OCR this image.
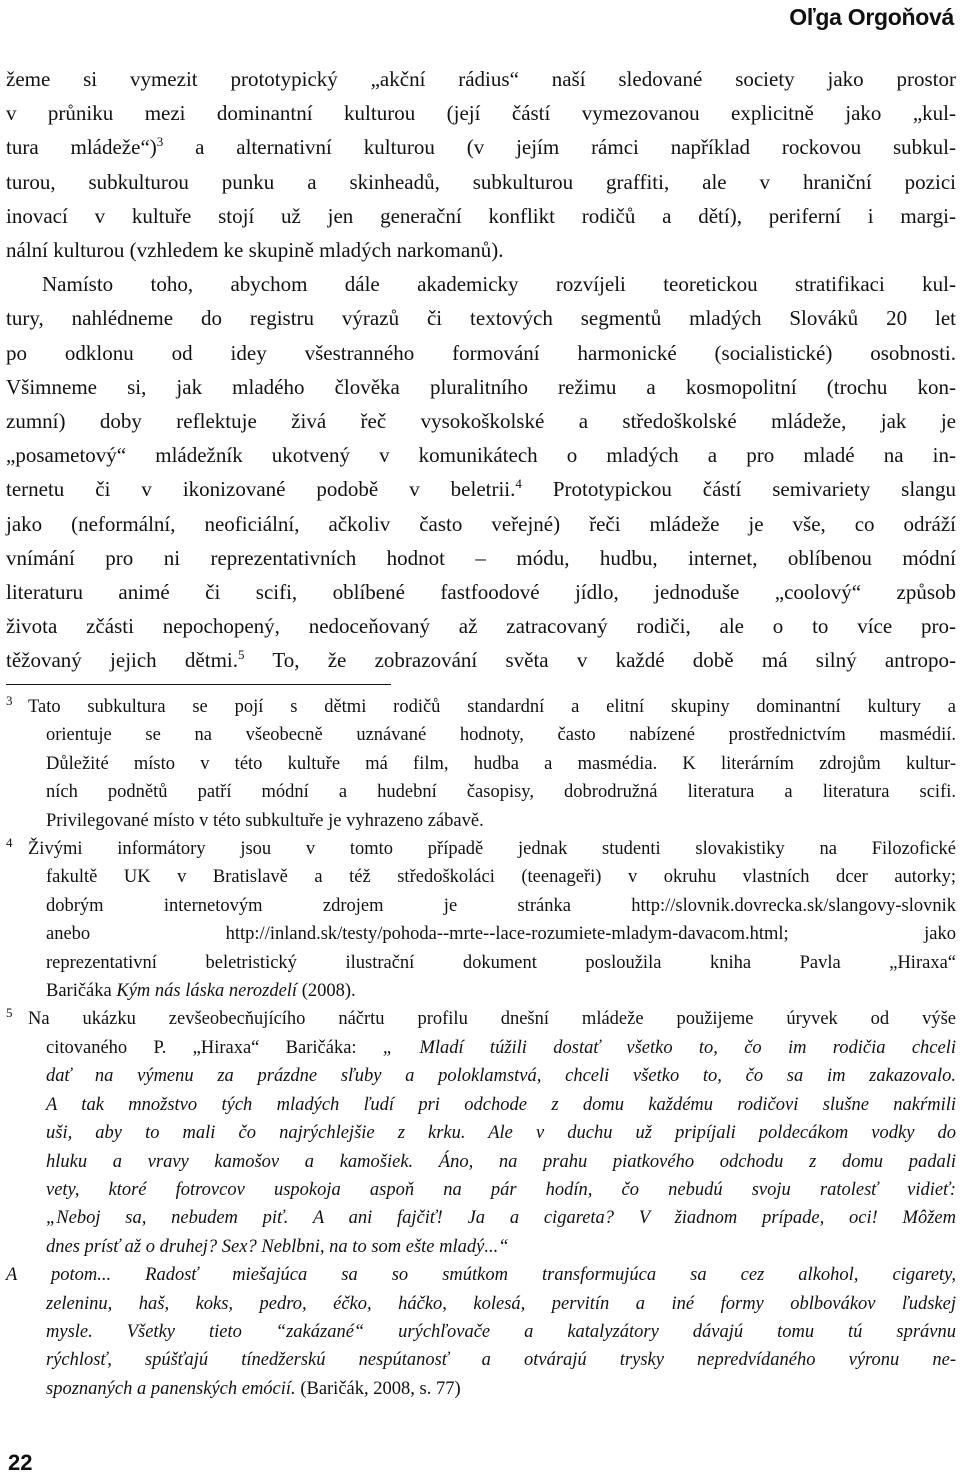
Oľga Orgoňová
žeme si vymezit prototypický „akční rádius“ naší sledované society jako prostor
v průniku mezi dominantní kulturou (její částí vymezovanou explicitně jako „kul-
tura mládeže“)$^3$ a alternativní kulturou (v jejím rámci například rockovou subkul-
turou, subkulturou punku a skinheadů, subkulturou graffiti, ale v hraniční pozici
inovací v kultuře stojí už jen generační konflikt rodičů a dětí), periferní i margi-
nální kulturou (vzhledem ke skupině mladých narkomanů).
Namísto toho, abychom dále akademicky rozvíjeli teoretickou stratifikaci kul-
tury, nahlédneme do registru výrazů či textových segmentů mladých Slováků 20 let
po odklonu od idey všestranného formování harmonické (socialistické) osobnosti.
Všimneme si, jak mladého člověka pluralitního režimu a kosmopolitní (trochu kon-
zumní) doby reflektuje živá řeč vysokoškolské a středoškolské mládeže, jak je
„posametový“ mládežník ukotvený v komunikátech o mladých a pro mladé na in-
ternetu či v ikonizované podobě v beletrii.$^4$ Prototypickou částí semivariety slangu
jako (neformální, neoficiální, ačkoliv často veřejné) řeči mládeže je vše, co odráží
vnímání pro ni reprezentativních hodnot – módu, hudbu, internet, oblíbenou módní
literaturu animé či scifi, oblíbené fastfoodové jídlo, jednoduše „coolový“ způsob
života zčásti nepochopený, nedoceňovaný až zatracovaný rodiči, ale o to více pro-
těžovaný jejich dětmi.$^5$ To, že zobrazování světa v každé době má silný antropo-
3 Tato subkultura se pojí s dětmi rodičů standardní a elitní skupiny dominantní kultury a
orientuje se na všeobecně uznávané hodnoty, často nabízené prostřednictvím masmédií.
Důležité místo v této kultuře má film, hudba a masmédia. K literárním zdrojům kultur-
ních podnětů patří módní a hudební časopisy, dobrodružná literatura a literatura scifi.
Privilegované místo v této subkultuře je vyhrazeno zábavě.
4 Živými informátory jsou v tomto případě jednak studenti slovakistiky na Filozofické
fakultě UK v Bratislavě a též středoškoláci (teenageři) v okruhu vlastních dcer autorky;
dobrým internetovým zdrojem je stránka http://slovnik.dovrecka.sk/slangovy-slovnik
anebo http://inland.sk/testy/pohoda--mrte--lace-rozumiete-mladym-davacom.html; jako
reprezentativní beletristický ilustrační dokument posloužila kniha Pavla „Hiraxa“
Baričáka Kým nás láska nerozdelí (2008).
5 Na ukázku zevšeobecňujícího náčrtu profilu dnešní mládeže použijeme úryvek od výše
citovaného P. „Hiraxa“ Baričáka: „ Mladí túžili dostať všetko to, čo im rodičia chceli
dať na výmenu za prázdne sľuby a poloklamstvá, chceli všetko to, čo sa im zakazovalo.
A tak množstvo tých mladých ľudí pri odchode z domu každému rodičovi slušne nakŕmili
uši, aby to mali čo najrýchlejšie z krku. Ale v duchu už pripíjali poldecákom vodky do
hluku a vravy kamošov a kamošiek. Áno, na prahu piatkového odchodu z domu padali
vety, ktoré fotrovcov uspokoja aspoň na pár hodín, čo nebudú svoju ratolesť vidieť:
„Neboj sa, nebudem piť. A ani fajčiť! Ja a cigareta? V žiadnom prípade, oci! Môžem
dnes prísť až o druhej? Sex? Neblbni, na to som ešte mladý...“
A potom... Radosť miešajúca sa so smútkom transformujúca sa cez alkohol, cigarety,
zeleninu, haš, koks, pedro, éčko, háčko, kolesá, pervitín a iné formy oblbovákov ľudskej
mysle. Všetky tieto “zakázané“ urýchľovače a katalyzátory dávajú tomu tú správnu
rýchlosť, spúšťajú tínedžerskú nespútanosť a otvárajú trysky nepredvídaného výronu ne-
spoznaných a panenských emócií. (Baričák, 2008, s. 77)
22
